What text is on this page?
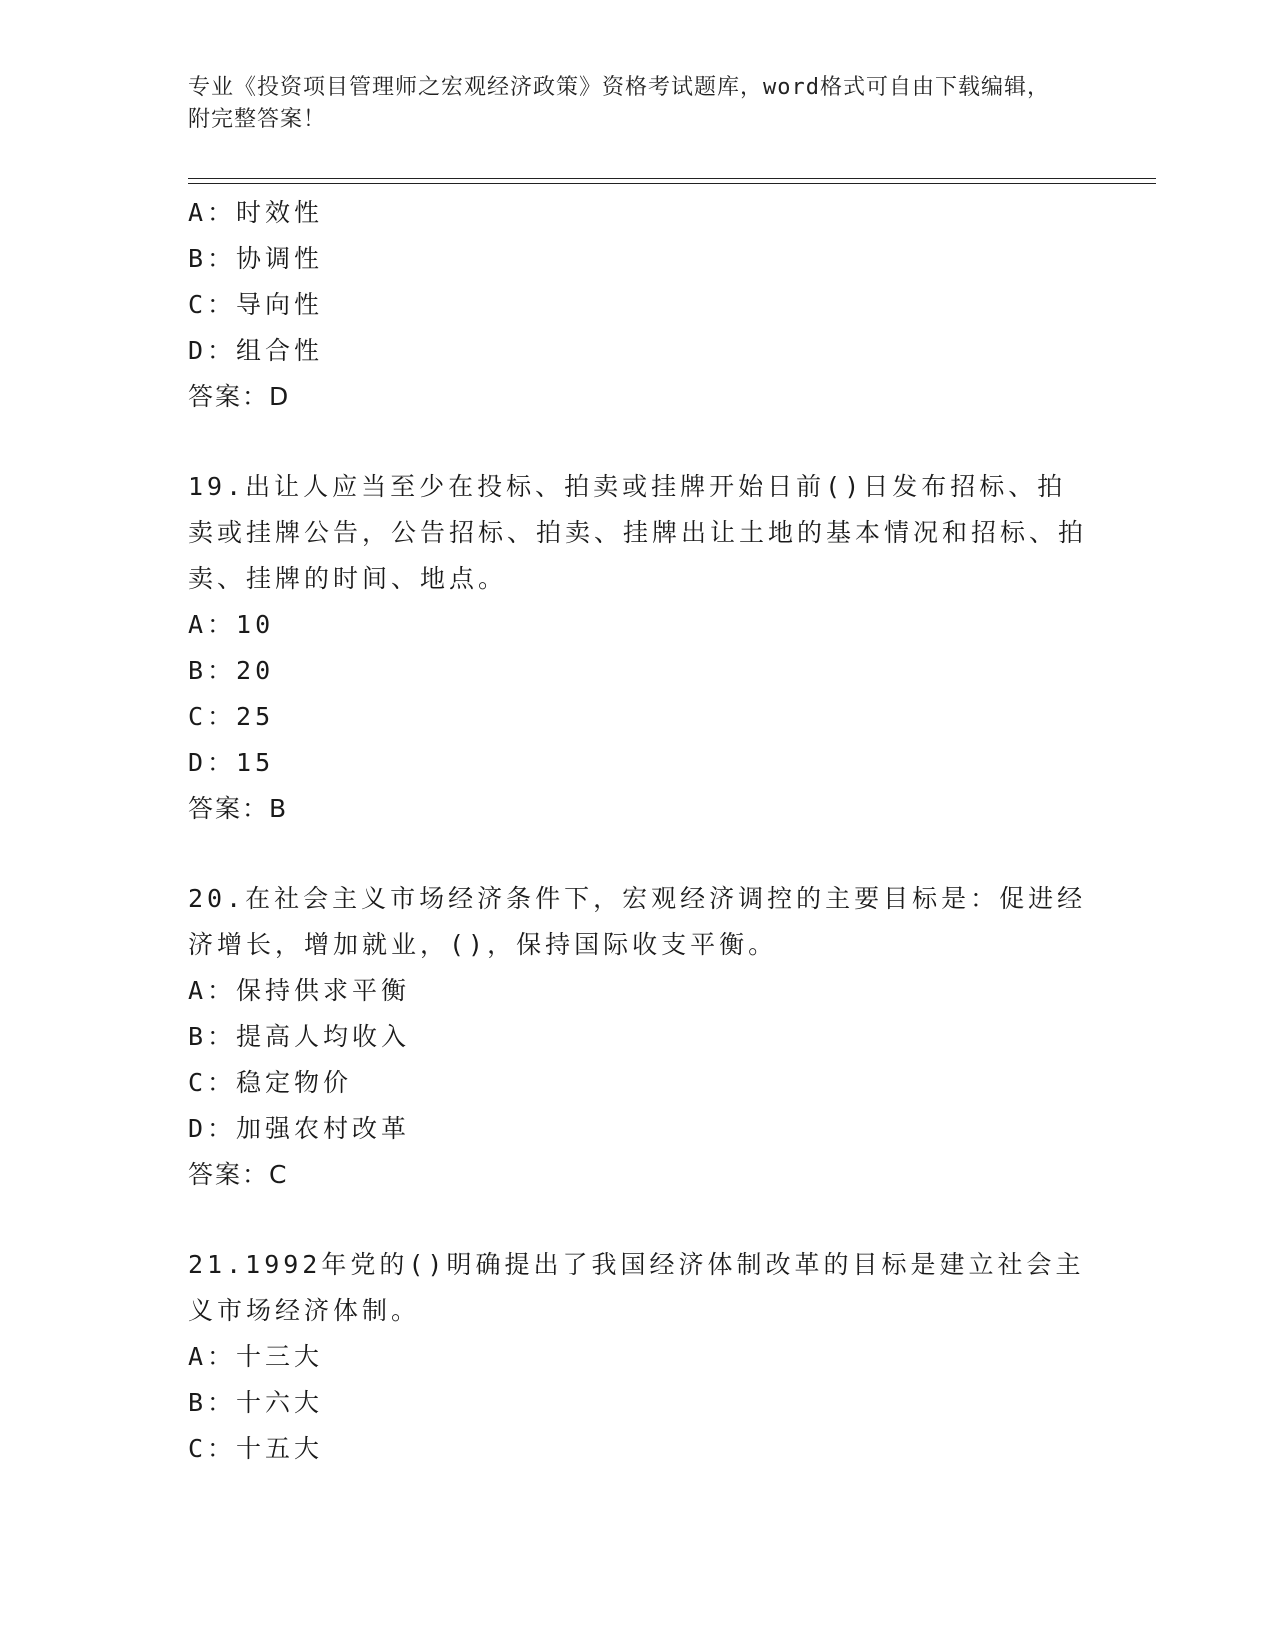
专业《投资项目管理师之宏观经济政策》资格考试题库，word格式可自由下载编辑，附完整答案！
A：时效性
B：协调性
C：导向性
D：组合性
答案：D
19.出让人应当至少在投标、拍卖或挂牌开始日前()日发布招标、拍卖或挂牌公告，公告招标、拍卖、挂牌出让土地的基本情况和招标、拍卖、挂牌的时间、地点。
A：10
B：20
C：25
D：15
答案：B
20.在社会主义市场经济条件下，宏观经济调控的主要目标是：促进经济增长，增加就业，()，保持国际收支平衡。
A：保持供求平衡
B：提高人均收入
C：稳定物价
D：加强农村改革
答案：C
21.1992年党的()明确提出了我国经济体制改革的目标是建立社会主义市场经济体制。
A：十三大
B：十六大
C：十五大
